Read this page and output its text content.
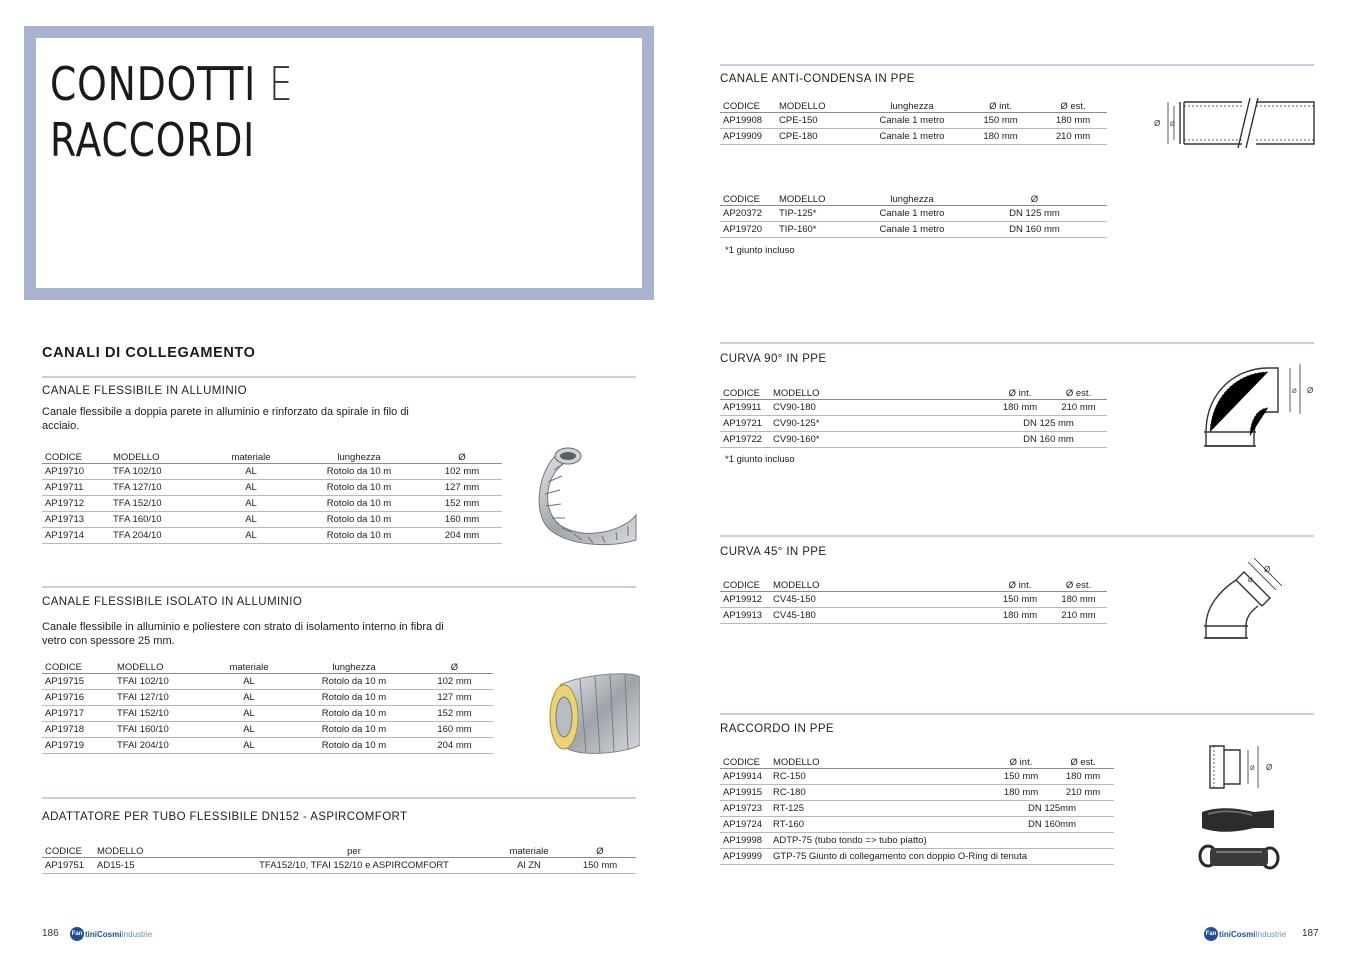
CONDOTTI E
RACCORDI
CANALI DI COLLEGAMENTO
CANALE FLESSIBILE IN ALLUMINIO
Canale flessibile a doppia parete in alluminio e rinforzato da spirale in filo di acciaio.
CODICE	MODELLO	materiale	lunghezza	Ø
AP19710	TFA 102/10	AL	Rotolo da 10 m	102 mm
AP19711	TFA 127/10	AL	Rotolo da 10 m	127 mm
AP19712	TFA 152/10	AL	Rotolo da 10 m	152 mm
AP19713	TFA 160/10	AL	Rotolo da 10 m	160 mm
AP19714	TFA 204/10	AL	Rotolo da 10 m	204 mm
CANALE FLESSIBILE ISOLATO IN ALLUMINIO
Canale flessibile in alluminio e poliestere con strato di isolamento interno in fibra di vetro con spessore 25 mm.
CODICE	MODELLO	materiale	lunghezza	Ø
AP19715	TFAI 102/10	AL	Rotolo da 10 m	102 mm
AP19716	TFAI 127/10	AL	Rotolo da 10 m	127 mm
AP19717	TFAI 152/10	AL	Rotolo da 10 m	152 mm
AP19718	TFAI 160/10	AL	Rotolo da 10 m	160 mm
AP19719	TFAI 204/10	AL	Rotolo da 10 m	204 mm
ADATTATORE PER TUBO FLESSIBILE DN152 - ASPIRCOMFORT
CODICE	MODELLO	per	materiale	Ø
AP19751	AD15-15	TFA152/10, TFAI 152/10 e ASPIRCOMFORT	Al ZN	150 mm
186 Fan tiniCosmi Industrie
CANALE ANTI-CONDENSA IN PPE
CODICE	MODELLO	lunghezza	Ø int.	Ø est.
AP19908	CPE-150	Canale 1 metro	150 mm	180 mm
AP19909	CPE-180	Canale 1 metro	180 mm	210 mm
CODICE	MODELLO	lunghezza	Ø
AP20372	TIP-125*	Canale 1 metro	DN 125 mm
AP19720	TIP-160*	Canale 1 metro	DN 160 mm
*1 giunto incluso
Ø Ø
CURVA 90° IN PPE
CODICE	MODELLO	Ø int.	Ø est.
AP19911	CV90-180	180 mm	210 mm
AP19721	CV90-125*	DN 125 mm	
AP19722	CV90-160*	DN 160 mm	
*1 giunto incluso
Ø Ø
CURVA 45° IN PPE
CODICE	MODELLO	Ø int.	Ø est.
AP19912	CV45-150	150 mm	180 mm
AP19913	CV45-180	180 mm	210 mm
Ø
Ø
RACCORDO IN PPE
CODICE	MODELLO	Ø int.	Ø est.
AP19914	RC-150	150 mm	180 mm
AP19915	RC-180	180 mm	210 mm
AP19723	RT-125	DN 125mm	
AP19724	RT-160	DN 160mm	
AP19998	ADTP-75 (tubo tondo => tubo piatto)		
AP19999	GTP-75 Giunto di collegamento con doppio O-Ring di tenuta		
Ø Ø
Fan tiniCosmi Industrie 187
